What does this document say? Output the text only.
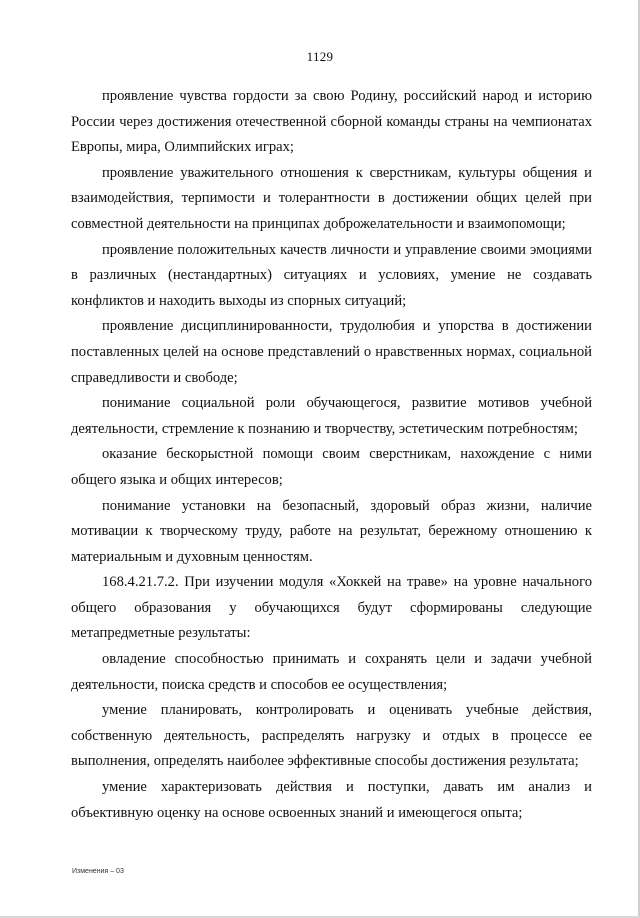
1129

проявление чувства гордости за свою Родину, российский народ и историю России через достижения отечественной сборной команды страны на чемпионатах Европы, мира, Олимпийских играх;

проявление уважительного отношения к сверстникам, культуры общения и взаимодействия, терпимости и толерантности в достижении общих целей при совместной деятельности на принципах доброжелательности и взаимопомощи;

проявление положительных качеств личности и управление своими эмоциями в различных (нестандартных) ситуациях и условиях, умение не создавать конфликтов и находить выходы из спорных ситуаций;

проявление дисциплинированности, трудолюбия и упорства в достижении поставленных целей на основе представлений о нравственных нормах, социальной справедливости и свободе;

понимание социальной роли обучающегося, развитие мотивов учебной деятельности, стремление к познанию и творчеству, эстетическим потребностям;

оказание бескорыстной помощи своим сверстникам, нахождение с ними общего языка и общих интересов;

понимание установки на безопасный, здоровый образ жизни, наличие мотивации к творческому труду, работе на результат, бережному отношению к материальным и духовным ценностям.

168.4.21.7.2. При изучении модуля «Хоккей на траве» на уровне начального общего образования у обучающихся будут сформированы следующие метапредметные результаты:

овладение способностью принимать и сохранять цели и задачи учебной деятельности, поиска средств и способов ее осуществления;

умение планировать, контролировать и оценивать учебные действия, собственную деятельность, распределять нагрузку и отдых в процессе ее выполнения, определять наиболее эффективные способы достижения результата;

умение характеризовать действия и поступки, давать им анализ и объективную оценку на основе освоенных знаний и имеющегося опыта;

Изменения – 03
